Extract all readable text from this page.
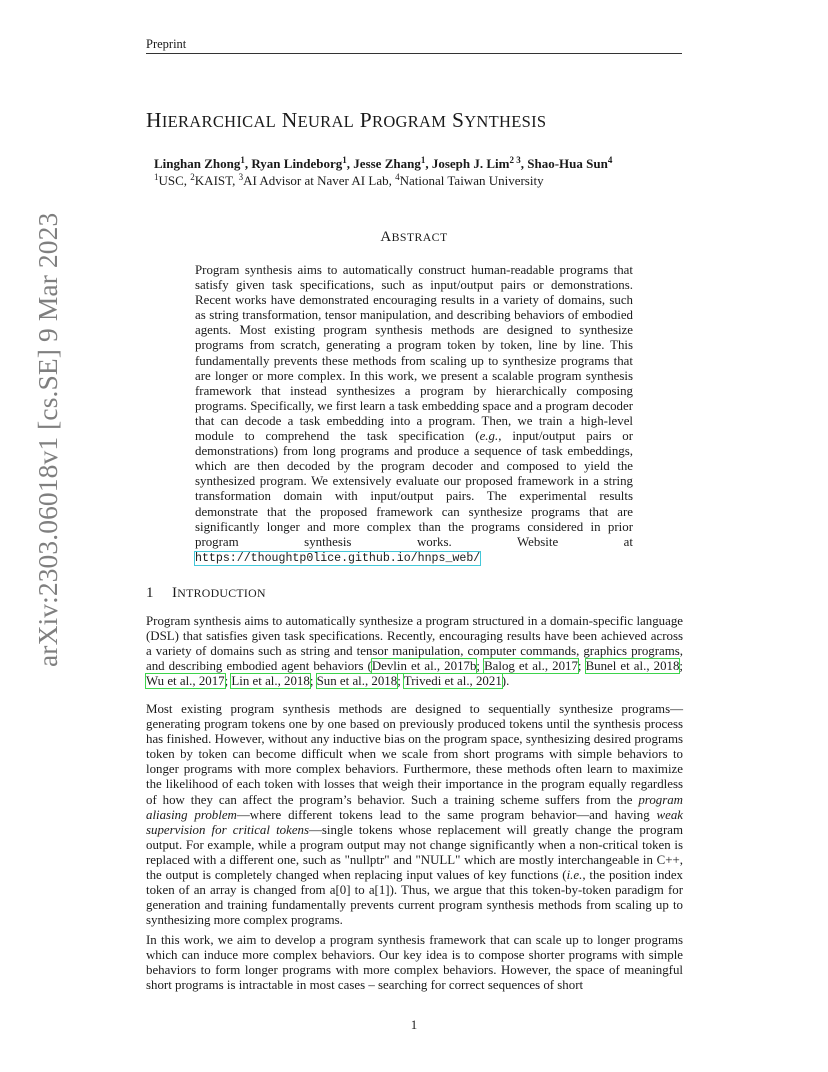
Preprint
arXiv:2303.06018v1 [cs.SE] 9 Mar 2023
HIERARCHICAL NEURAL PROGRAM SYNTHESIS
Linghan Zhong$^1$, Ryan Lindeborg$^1$, Jesse Zhang$^1$, Joseph J. Lim$^{2 3}$, Shao-Hua Sun$^4$
$^1$USC, $^2$KAIST, $^3$AI Advisor at Naver AI Lab, $^4$National Taiwan University
ABSTRACT
Program synthesis aims to automatically construct human-readable programs that satisfy given task specifications, such as input/output pairs or demonstrations. Recent works have demonstrated encouraging results in a variety of domains, such as string transformation, tensor manipulation, and describing behaviors of embodied agents. Most existing program synthesis methods are designed to synthesize programs from scratch, generating a program token by token, line by line. This fundamentally prevents these methods from scaling up to synthesize programs that are longer or more complex. In this work, we present a scalable program synthesis framework that instead synthesizes a program by hierarchically composing programs. Specifically, we first learn a task embedding space and a program decoder that can decode a task embedding into a program. Then, we train a high-level module to comprehend the task specification (e.g., input/output pairs or demonstrations) from long programs and produce a sequence of task embeddings, which are then decoded by the program decoder and composed to yield the synthesized program. We extensively evaluate our proposed framework in a string transformation domain with input/output pairs. The experimental results demonstrate that the proposed framework can synthesize programs that are significantly longer and more complex than the programs considered in prior program synthesis works. Website at https://thoughtp0lice.github.io/hnps_web/
1 INTRODUCTION
Program synthesis aims to automatically synthesize a program structured in a domain-specific language (DSL) that satisfies given task specifications. Recently, encouraging results have been achieved across a variety of domains such as string and tensor manipulation, computer commands, graphics programs, and describing embodied agent behaviors (Devlin et al., 2017b; Balog et al., 2017; Bunel et al., 2018; Wu et al., 2017; Lin et al., 2018; Sun et al., 2018; Trivedi et al., 2021).
Most existing program synthesis methods are designed to sequentially synthesize programs—generating program tokens one by one based on previously produced tokens until the synthesis process has finished. However, without any inductive bias on the program space, synthesizing desired programs token by token can become difficult when we scale from short programs with simple behaviors to longer programs with more complex behaviors. Furthermore, these methods often learn to maximize the likelihood of each token with losses that weigh their importance in the program equally regardless of how they can affect the program’s behavior. Such a training scheme suffers from the program aliasing problem—where different tokens lead to the same program behavior—and having weak supervision for critical tokens—single tokens whose replacement will greatly change the program output. For example, while a program output may not change significantly when a non-critical token is replaced with a different one, such as "nullptr" and "NULL" which are mostly interchangeable in C++, the output is completely changed when replacing input values of key functions (i.e., the position index token of an array is changed from a[0] to a[1]). Thus, we argue that this token-by-token paradigm for generation and training fundamentally prevents current program synthesis methods from scaling up to synthesizing more complex programs.
In this work, we aim to develop a program synthesis framework that can scale up to longer programs which can induce more complex behaviors. Our key idea is to compose shorter programs with simple behaviors to form longer programs with more complex behaviors. However, the space of meaningful short programs is intractable in most cases – searching for correct sequences of short
1
